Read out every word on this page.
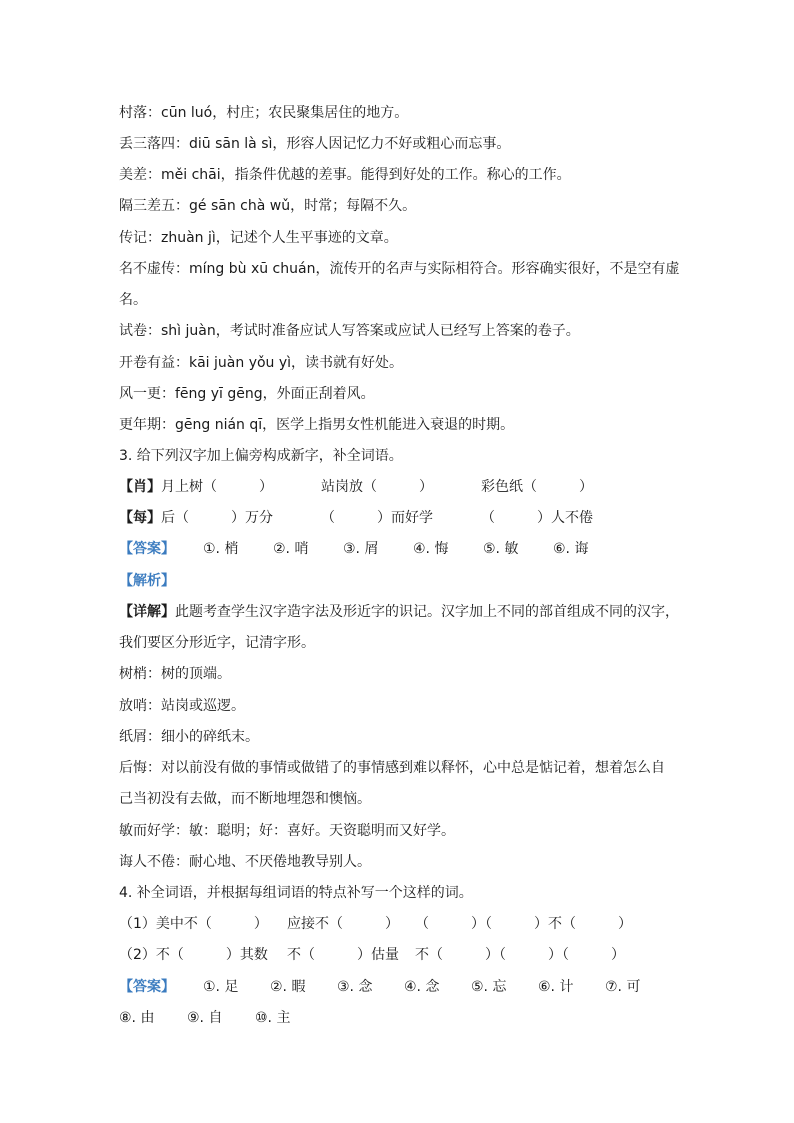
村落：cūn luó，村庄；农民聚集居住的地方。
丢三落四：diū sān là sì，形容人因记忆力不好或粗心而忘事。
美差：měi chāi，指条件优越的差事。能得到好处的工作。称心的工作。
隔三差五：gé sān chà wǔ，时常；每隔不久。
传记：zhuàn jì，记述个人生平事迹的文章。
名不虚传：míng bù xū chuán，流传开的名声与实际相符合。形容确实很好，不是空有虚
名。
试卷：shì juàn，考试时准备应试人写答案或应试人已经写上答案的卷子。
开卷有益：kāi juàn yǒu yì，读书就有好处。
风一更：fēng yī gēng，外面正刮着风。
更年期：gēng nián qī，医学上指男女性机能进入衰退的时期。
3. 给下列汉字加上偏旁构成新字，补全词语。
【肖】 月上树（　　　）	站岗放（　　　）	彩色纸（　　　）
【每】 后（　　　）万分	（　　　）而好学	（　　　）人不倦
【答案】	①. 梢	②. 哨	③. 屑	④. 悔	⑤. 敏	⑥. 诲
【解析】
【详解】 此题考查学生汉字造字法及形近字的识记。汉字加上不同的部首组成不同的汉字，
我们要区分形近字，记清字形。
树梢：树的顶端。
放哨：站岗或巡逻。
纸屑：细小的碎纸末。
后悔：对以前没有做的事情或做错了的事情感到难以释怀，心中总是惦记着，想着怎么自
己当初没有去做，而不断地埋怨和懊恼。
敏而好学：敏：聪明；好：喜好。天资聪明而又好学。
诲人不倦：耐心地、不厌倦地教导别人。
4. 补全词语，并根据每组词语的特点补写一个这样的词。
（1）美中不（　　　）	应接不（　　　）	（　　　）（　　　）不（　　　）
（2）不（　　　）其数	不（　　　）估量	不（　　　）（　　　）（　　　）
【答案】	①. 足	②. 暇	③. 念	④. 念	⑤. 忘	⑥. 计	⑦. 可
⑧. 由	⑨. 自	⑩. 主
